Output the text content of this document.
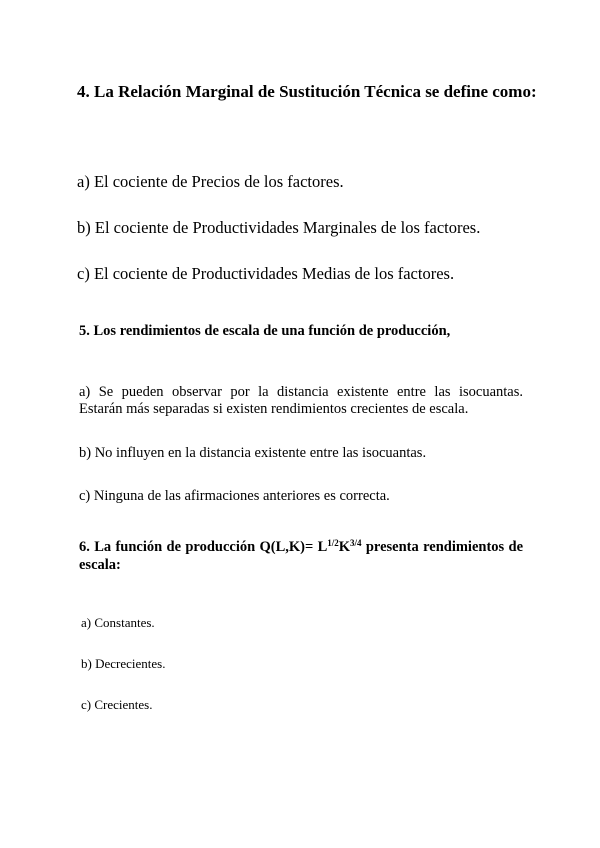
4. La Relación Marginal de Sustitución Técnica se define como:

a) El cociente de Precios de los factores.

b) El cociente de Productividades Marginales de los factores.

c) El cociente de Productividades Medias de los factores.

5. Los rendimientos de escala de una función de producción,

a) Se pueden observar por la distancia existente entre las isocuantas.

Estarán más separadas si existen rendimientos crecientes de escala.

b) No influyen en la distancia existente entre las isocuantas.

c) Ninguna de las afirmaciones anteriores es correcta.

6. La función de producción $Q(L,K)= L^{1/2}K^{3/4}$ presenta rendimientos de

escala:

a) Constantes.

b) Decrecientes.

c) Crecientes.
